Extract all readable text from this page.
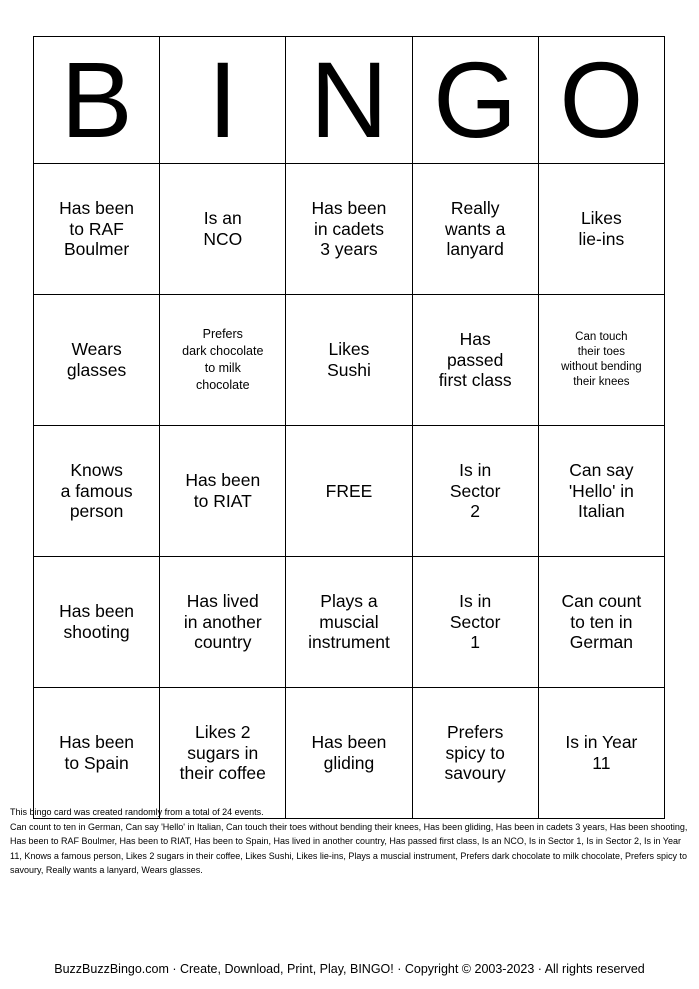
B	I	N	G	O

Has been
to RAF
Boulmer	Is an
NCO	Has been
in cadets
3 years	Really
wants a
lanyard	Likes
lie-ins

Wears
glasses	Prefers
dark chocolate
to milk
chocolate	Likes
Sushi	Has
passed
first class	Can touch
their toes
without bending
their knees

Knows
a famous
person	Has been
to RIAT	FREE	Is in
Sector
2	Can say
'Hello' in
Italian

Has been
shooting	Has lived
in another
country	Plays a
muscial
instrument	Is in
Sector
1	Can count
to ten in
German

Has been
to Spain	Likes 2
sugars in
their coffee	Has been
gliding	Prefers
spicy to
savoury	Is in Year
11

This bingo card was created randomly from a total of 24 events.

Can count to ten in German, Can say 'Hello' in Italian, Can touch their toes without bending their knees, Has been gliding, Has been in cadets 3 years, Has been shooting, Has been to RAF Boulmer, Has been to RIAT, Has been to Spain, Has lived in another country, Has passed first class, Is an NCO, Is in Sector 1, Is in Sector 2, Is in Year 11, Knows a famous person, Likes 2 sugars in their coffee, Likes Sushi, Likes lie-ins, Plays a muscial instrument, Prefers dark chocolate to milk chocolate, Prefers spicy to savoury, Really wants a lanyard, Wears glasses.

BuzzBuzzBingo.com · Create, Download, Print, Play, BINGO! · Copyright © 2003-2023 · All rights reserved
